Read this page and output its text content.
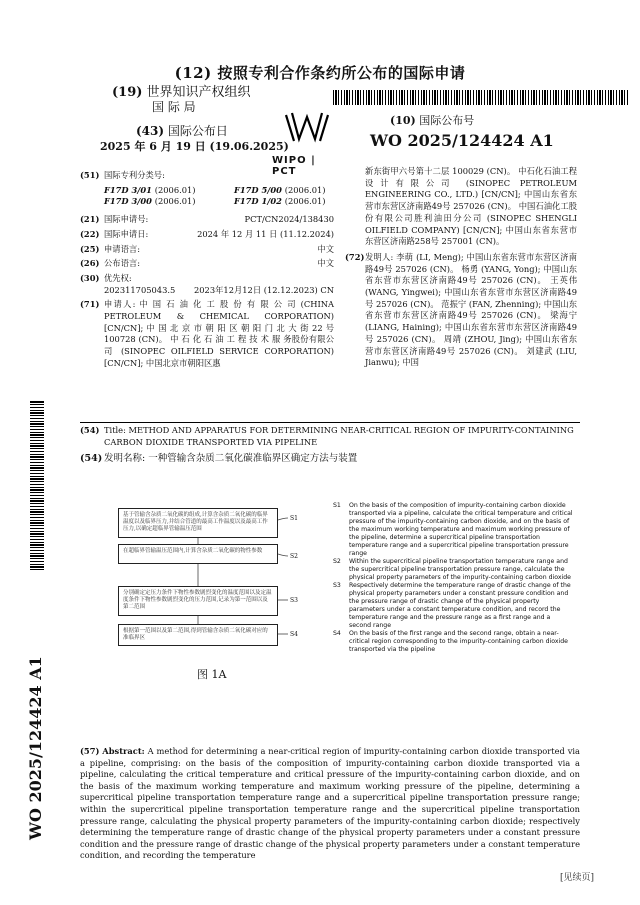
(12) 按照专利合作条约所公布的国际申请
(19) 世界知识产权组织
国 际 局
(43) 国际公布日
2025 年 6 月 19 日 (19.06.2025)
WIPO | PCT
(10) 国际公布号
WO 2025/124424 A1
(51) 国际专利分类号:
F17D 3/01 (2006.01)	F17D 5/00 (2006.01)
F17D 3/00 (2006.01)	F17D 1/02 (2006.01)
(21) 国际申请号:	PCT/CN2024/138430
(22) 国际申请日:	2024 年 12 月 11 日 (11.12.2024)
(25) 申请语言:	中文
(26) 公布语言:	中文
(30) 优先权:
202311705043.5	2023年12月12日 (12.12.2023) CN
(71) 申请人: 中 国 石 油 化 工 股 份 有 限 公 司 (CHINA PETROLEUM & CHEMICAL CORPORATION) [CN/CN]; 中 国 北 京 市 朝 阳 区 朝 阳 门 北 大 街 22 号 100728 (CN)。 中 石 化 石 油 工 程 技 术 服 务股份有限公司 (SINOPEC OILFIELD SERVICE CORPORATION) [CN/CN]; 中国北京市朝阳区惠
新东街甲六号第十二层 100029 (CN)。 中石化石油工程设计有限公司 (SINOPEC PETROLEUM ENGINEERING CO., LTD.) [CN/CN]; 中国山东省东营市东营区济南路49号 257026 (CN)。 中国石油化工股份有限公司胜利油田分公司 (SINOPEC SHENGLI OILFIELD COMPANY) [CN/CN]; 中国山东省东营市东营区济南路258号 257001 (CN)。
(72) 发明人: 李萌 (LI, Meng); 中国山东省东营市东营区济南路49号 257026 (CN)。 杨勇 (YANG, Yong); 中国山东省东营市东营区济南路49号 257026 (CN)。 王英伟 (WANG, Yingwei); 中国山东省东营市东营区济南路49号 257026 (CN)。 范振宁 (FAN, Zhenning); 中国山东省东营市东营区济南路49号 257026 (CN)。 梁海宁 (LIANG, Haining); 中国山东省东营市东营区济南路49号 257026 (CN)。 周靖 (ZHOU, Jing); 中国山东省东营市东营区济南路49号 257026 (CN)。 刘建武 (LIU, Jianwu); 中国
(54) Title: METHOD AND APPARATUS FOR DETERMINING NEAR-CRITICAL REGION OF IMPURITY-CONTAINING CARBON DIOXIDE TRANSPORTED VIA PIPELINE
(54) 发明名称: 一种管输含杂质二氧化碳准临界区确定方法与装置
基于管输含杂质二氧化碳的组成,计算含杂质二氧化碳的临界温度以及临界压力,并结合管道的最高工作温度以及最高工作压力,以确定超临界管输温压范围
在超临界管输温压范围内,计算含杂质二氧化碳的物性参数
分别确定定压力条件下物性参数剧烈变化的温度范围以及定温度条件下物性参数剧烈变化的压力范围,记录为第一范围以及第二范围
根据第一范围以及第二范围,得到管输含杂质二氧化碳对应的准临界区
S1
S2
S3
S4
图 1A
S1	On the basis of the composition of impurity-containing carbon dioxide transported via a pipeline, calculate the critical temperature and critical pressure of the impurity-containing carbon dioxide, and on the basis of the maximum working temperature and maximum working pressure of the pipeline, determine a supercritical pipeline transportation temperature range and a supercritical pipeline transportation pressure range
S2	Within the supercritical pipeline transportation temperature range and the supercritical pipeline transportation pressure range, calculate the physical property parameters of the impurity-containing carbon dioxide
S3	Respectively determine the temperature range of drastic change of the physical property parameters under a constant pressure condition and the pressure range of drastic change of the physical property parameters under a constant temperature condition, and record the temperature range and the pressure range as a first range and a second range
S4	On the basis of the first range and the second range, obtain a near-critical region corresponding to the impurity-containing carbon dioxide transported via the pipeline
(57) Abstract: A method for determining a near-critical region of impurity-containing carbon dioxide transported via a pipeline, comprising: on the basis of the composition of impurity-containing carbon dioxide transported via a pipeline, calculating the critical temperature and critical pressure of the impurity-containing carbon dioxide, and on the basis of the maximum working temperature and maximum working pressure of the pipeline, determining a supercritical pipeline transportation temperature range and a supercritical pipeline transportation pressure range; within the supercritical pipeline transportation temperature range and the supercritical pipeline transportation pressure range, calculating the physical property parameters of the impurity-containing carbon dioxide; respectively determining the temperature range of drastic change of the physical property parameters under a constant pressure condition and the pressure range of drastic change of the physical property parameters under a constant temperature condition, and recording the temperature
WO 2025/124424 A1
[见续页]
